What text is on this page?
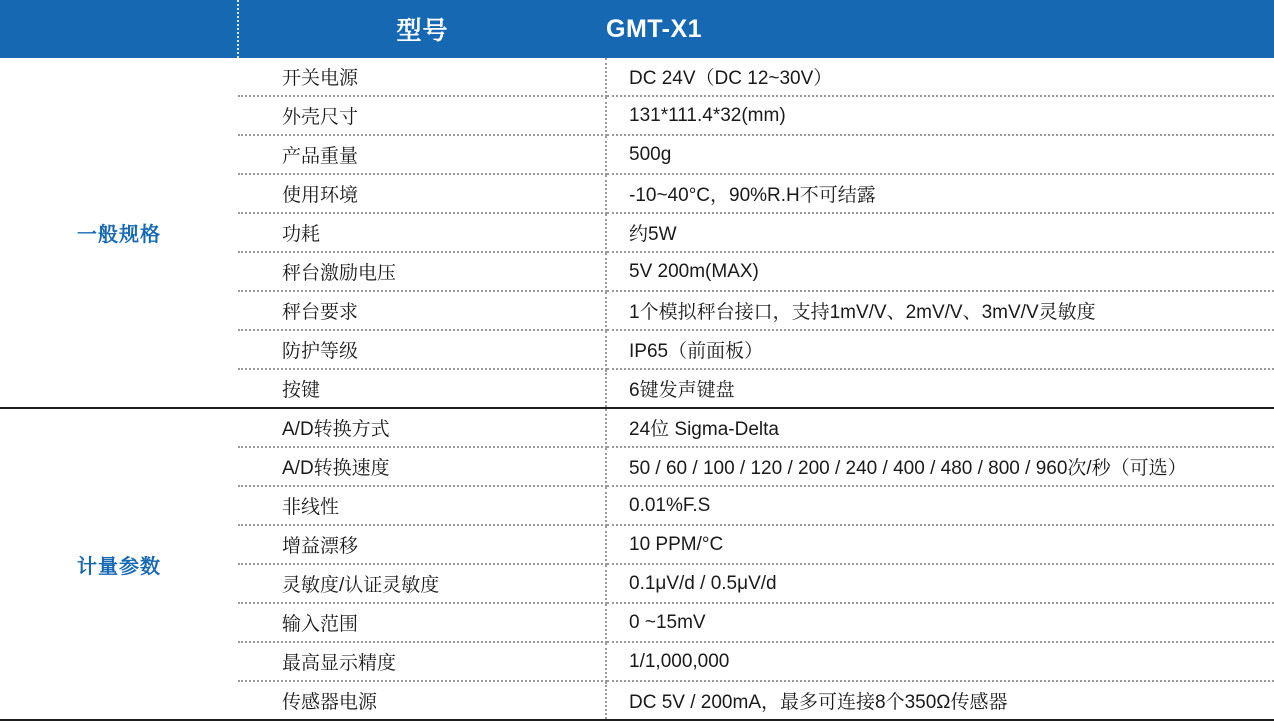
	型号	GMT-X1
一般规格	开关电源	DC 24V（DC 12~30V）
	外壳尺寸	131*111.4*32(mm)
	产品重量	500g
	使用环境	-10~40°C，90%R.H不可结露
	功耗	约5W
	秤台激励电压	5V 200m(MAX)
	秤台要求	1个模拟秤台接口，支持1mV/V、2mV/V、3mV/V灵敏度
	防护等级	IP65（前面板）
	按键	6键发声键盘
计量参数	A/D转换方式	24位 Sigma-Delta
	A/D转换速度	50 / 60 / 100 / 120 / 200 / 240 / 400 / 480 / 800 / 960次/秒（可选）
	非线性	0.01%F.S
	增益漂移	10 PPM/°C
	灵敏度/认证灵敏度	0.1μV/d / 0.5μV/d
	输入范围	0 ~15mV
	最高显示精度	1/1,000,000
	传感器电源	DC 5V / 200mA，最多可连接8个350Ω传感器
